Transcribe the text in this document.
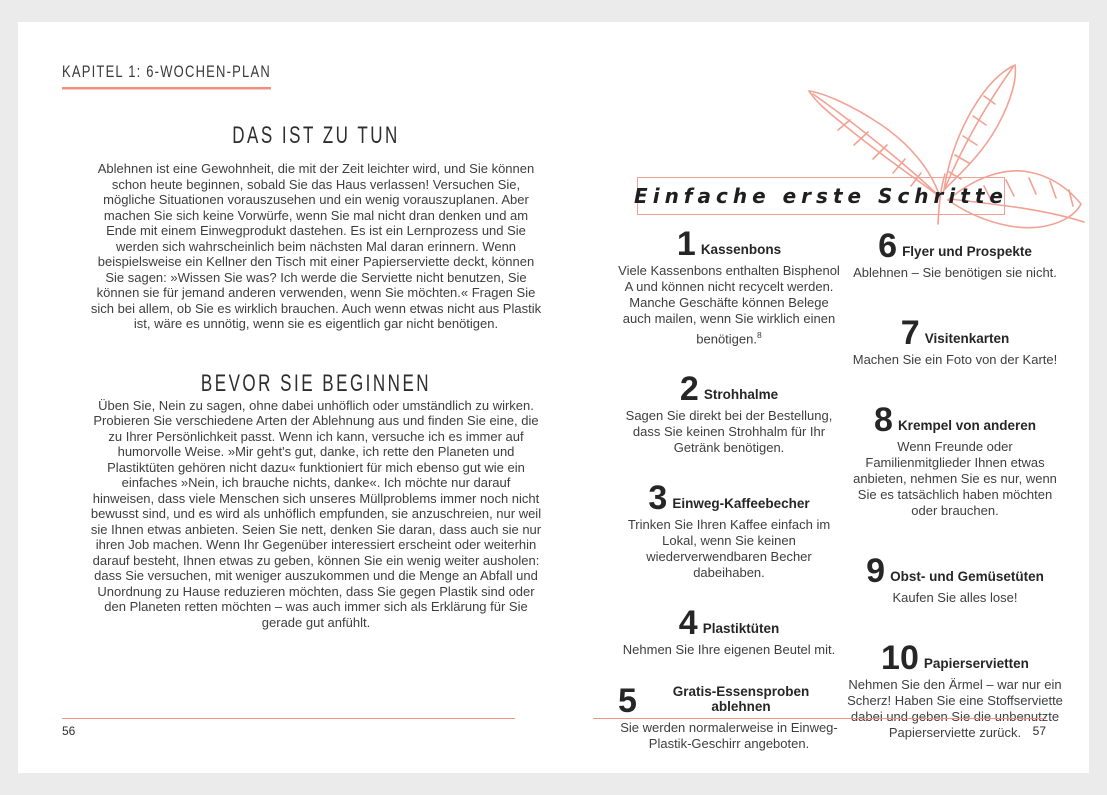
KAPITEL 1: 6-WOCHEN-PLAN
DAS IST ZU TUN

Ablehnen ist eine Gewohnheit, die mit der Zeit leichter wird, und Sie können schon heute beginnen, sobald Sie das Haus verlassen! Versuchen Sie, mögliche Situationen vorauszusehen und ein wenig vorauszuplanen. Aber machen Sie sich keine Vorwürfe, wenn Sie mal nicht dran denken und am Ende mit einem Einwegprodukt dastehen. Es ist ein Lernprozess und Sie werden sich wahrscheinlich beim nächsten Mal daran erinnern. Wenn beispielsweise ein Kellner den Tisch mit einer Papierserviette deckt, können Sie sagen: »Wissen Sie was? Ich werde die Serviette nicht benutzen, Sie können sie für jemand anderen verwenden, wenn Sie möchten.« Fragen Sie sich bei allem, ob Sie es wirklich brauchen. Auch wenn etwas nicht aus Plastik ist, wäre es unnötig, wenn sie es eigentlich gar nicht benötigen.

BEVOR SIE BEGINNEN

Üben Sie, Nein zu sagen, ohne dabei unhöflich oder umständlich zu wirken. Probieren Sie verschiedene Arten der Ablehnung aus und finden Sie eine, die zu Ihrer Persönlichkeit passt. Wenn ich kann, versuche ich es immer auf humorvolle Weise. »Mir geht's gut, danke, ich rette den Planeten und Plastiktüten gehören nicht dazu« funktioniert für mich ebenso gut wie ein einfaches »Nein, ich brauche nichts, danke«. Ich möchte nur darauf hinweisen, dass viele Menschen sich unseres Müllproblems immer noch nicht bewusst sind, und es wird als unhöflich empfunden, sie anzuschreien, nur weil sie Ihnen etwas anbieten. Seien Sie nett, denken Sie daran, dass auch sie nur ihren Job machen. Wenn Ihr Gegenüber interessiert erscheint oder weiterhin darauf besteht, Ihnen etwas zu geben, können Sie ein wenig weiter ausholen: dass Sie versuchen, mit weniger auszukommen und die Menge an Abfall und Unordnung zu Hause reduzieren möchten, dass Sie gegen Plastik sind oder den Planeten retten möchten – was auch immer sich als Erklärung für Sie gerade gut anfühlt.

56
Einfache erste Schritte
1 Kassenbons

Viele Kassenbons enthalten Bisphenol A und können nicht recycelt werden. Manche Geschäfte können Belege auch mailen, wenn Sie wirklich einen benötigen.$^8$

2 Strohhalme

Sagen Sie direkt bei der Bestellung, dass Sie keinen Strohhalm für Ihr Getränk benötigen.

3 Einweg-Kaffeebecher

Trinken Sie Ihren Kaffee einfach im Lokal, wenn Sie keinen wiederverwendbaren Becher dabeihaben.

4 Plastiktüten

Nehmen Sie Ihre eigenen Beutel mit.

5	Gratis-Essensproben ablehnen

Sie werden normalerweise in Einweg-Plastik-Geschirr angeboten.

6 Flyer und Prospekte

Ablehnen – Sie benötigen sie nicht.

7 Visitenkarten

Machen Sie ein Foto von der Karte!

8 Krempel von anderen

Wenn Freunde oder Familienmitglieder Ihnen etwas anbieten, nehmen Sie es nur, wenn Sie es tatsächlich haben möchten oder brauchen.

9 Obst- und Gemüsetüten

Kaufen Sie alles lose!

10 Papierservietten

Nehmen Sie den Ärmel – war nur ein Scherz! Haben Sie eine Stoffserviette dabei und geben Sie die unbenutzte Papierserviette zurück. 57
